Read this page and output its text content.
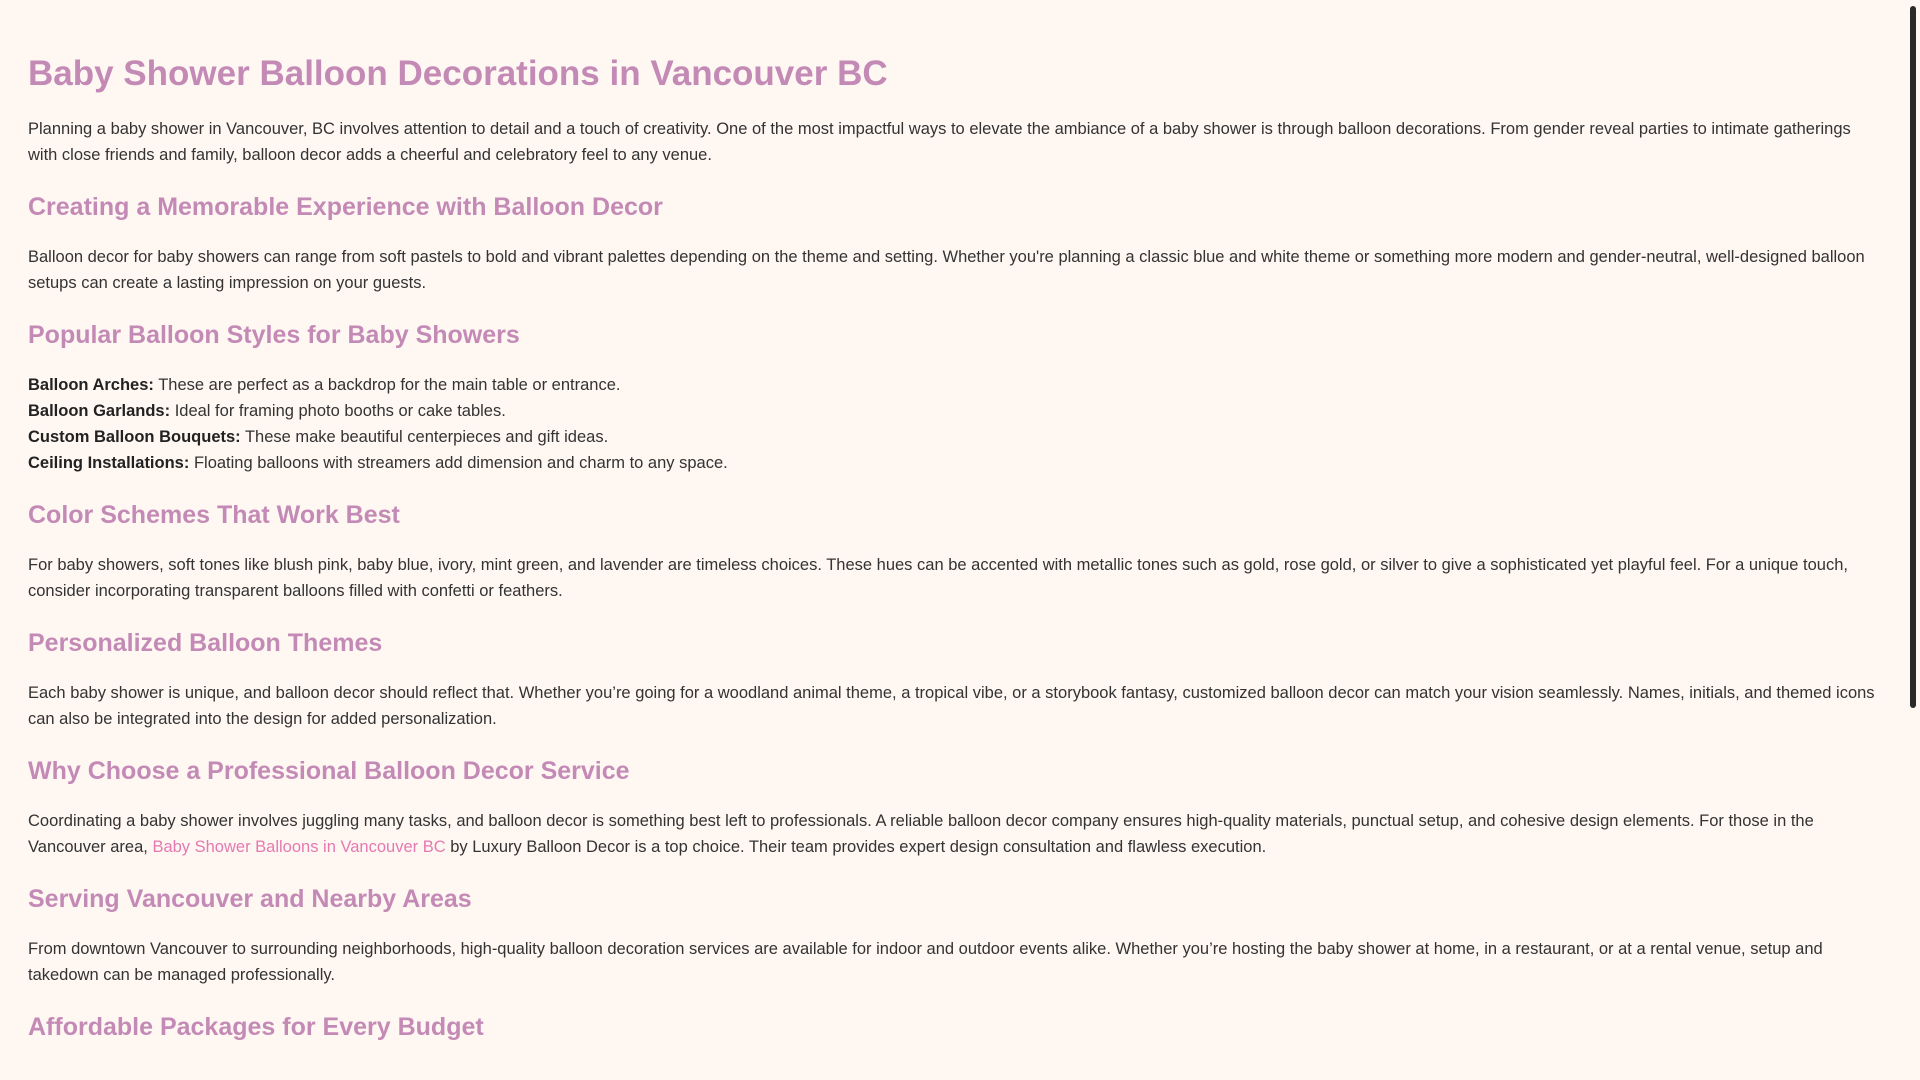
Baby Shower Balloon Decorations in Vancouver BC

Planning a baby shower in Vancouver, BC involves attention to detail and a touch of creativity. One of the most impactful ways to elevate the ambiance of a baby shower is through balloon decorations. From gender reveal parties to intimate gatherings with close friends and family, balloon decor adds a cheerful and celebratory feel to any venue.

Creating a Memorable Experience with Balloon Decor

Balloon decor for baby showers can range from soft pastels to bold and vibrant palettes depending on the theme and setting. Whether you're planning a classic blue and white theme or something more modern and gender-neutral, well-designed balloon setups can create a lasting impression on your guests.

Popular Balloon Styles for Baby Showers
Balloon Arches: These are perfect as a backdrop for the main table or entrance.
Balloon Garlands: Ideal for framing photo booths or cake tables.
Custom Balloon Bouquets: These make beautiful centerpieces and gift ideas.
Ceiling Installations: Floating balloons with streamers add dimension and charm to any space.
Color Schemes That Work Best

For baby showers, soft tones like blush pink, baby blue, ivory, mint green, and lavender are timeless choices. These hues can be accented with metallic tones such as gold, rose gold, or silver to give a sophisticated yet playful feel. For a unique touch, consider incorporating transparent balloons filled with confetti or feathers.

Personalized Balloon Themes

Each baby shower is unique, and balloon decor should reflect that. Whether you’re going for a woodland animal theme, a tropical vibe, or a storybook fantasy, customized balloon decor can match your vision seamlessly. Names, initials, and themed icons can also be integrated into the design for added personalization.

Why Choose a Professional Balloon Decor Service

Coordinating a baby shower involves juggling many tasks, and balloon decor is something best left to professionals. A reliable balloon decor company ensures high-quality materials, punctual setup, and cohesive design elements. For those in the Vancouver area, Baby Shower Balloons in Vancouver BC by Luxury Balloon Decor is a top choice. Their team provides expert design consultation and flawless execution.

Serving Vancouver and Nearby Areas

From downtown Vancouver to surrounding neighborhoods, high-quality balloon decoration services are available for indoor and outdoor events alike. Whether you’re hosting the baby shower at home, in a restaurant, or at a rental venue, setup and takedown can be managed professionally.

Affordable Packages for Every Budget
